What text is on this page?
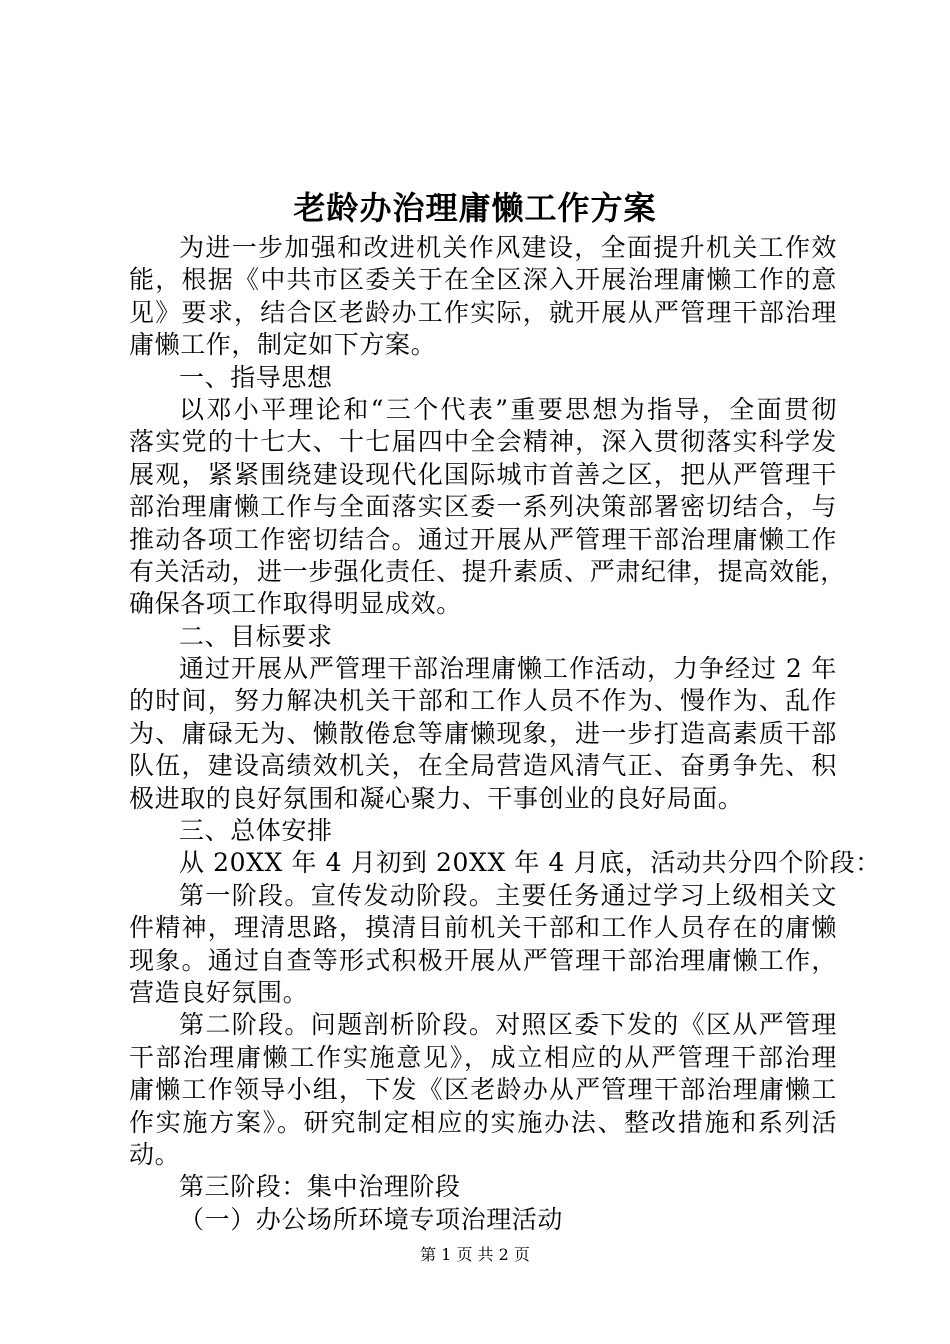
老龄办治理庸懒工作方案
为进一步加强和改进机关作风建设，全面提升机关工作效
能，根据《中共市区委关于在全区深入开展治理庸懒工作的意
见》要求，结合区老龄办工作实际，就开展从严管理干部治理
庸懒工作，制定如下方案。
一、指导思想
以邓小平理论和“三个代表”重要思想为指导，全面贯彻
落实党的十七大、十七届四中全会精神，深入贯彻落实科学发
展观，紧紧围绕建设现代化国际城市首善之区，把从严管理干
部治理庸懒工作与全面落实区委一系列决策部署密切结合，与
推动各项工作密切结合。通过开展从严管理干部治理庸懒工作
有关活动，进一步强化责任、提升素质、严肃纪律，提高效能，
确保各项工作取得明显成效。
二、目标要求
通过开展从严管理干部治理庸懒工作活动，力争经过 2 年
的时间，努力解决机关干部和工作人员不作为、慢作为、乱作
为、庸碌无为、懒散倦怠等庸懒现象，进一步打造高素质干部
队伍，建设高绩效机关，在全局营造风清气正、奋勇争先、积
极进取的良好氛围和凝心聚力、干事创业的良好局面。
三、总体安排
从 20XX 年 4 月初到 20XX 年 4 月底，活动共分四个阶段：
第一阶段。宣传发动阶段。主要任务通过学习上级相关文
件精神，理清思路，摸清目前机关干部和工作人员存在的庸懒
现象。通过自查等形式积极开展从严管理干部治理庸懒工作，
营造良好氛围。
第二阶段。问题剖析阶段。对照区委下发的《区从严管理
干部治理庸懒工作实施意见》，成立相应的从严管理干部治理
庸懒工作领导小组，下发《区老龄办从严管理干部治理庸懒工
作实施方案》。研究制定相应的实施办法、整改措施和系列活
动。
第三阶段：集中治理阶段
（一）办公场所环境专项治理活动
第 1 页 共 2 页
